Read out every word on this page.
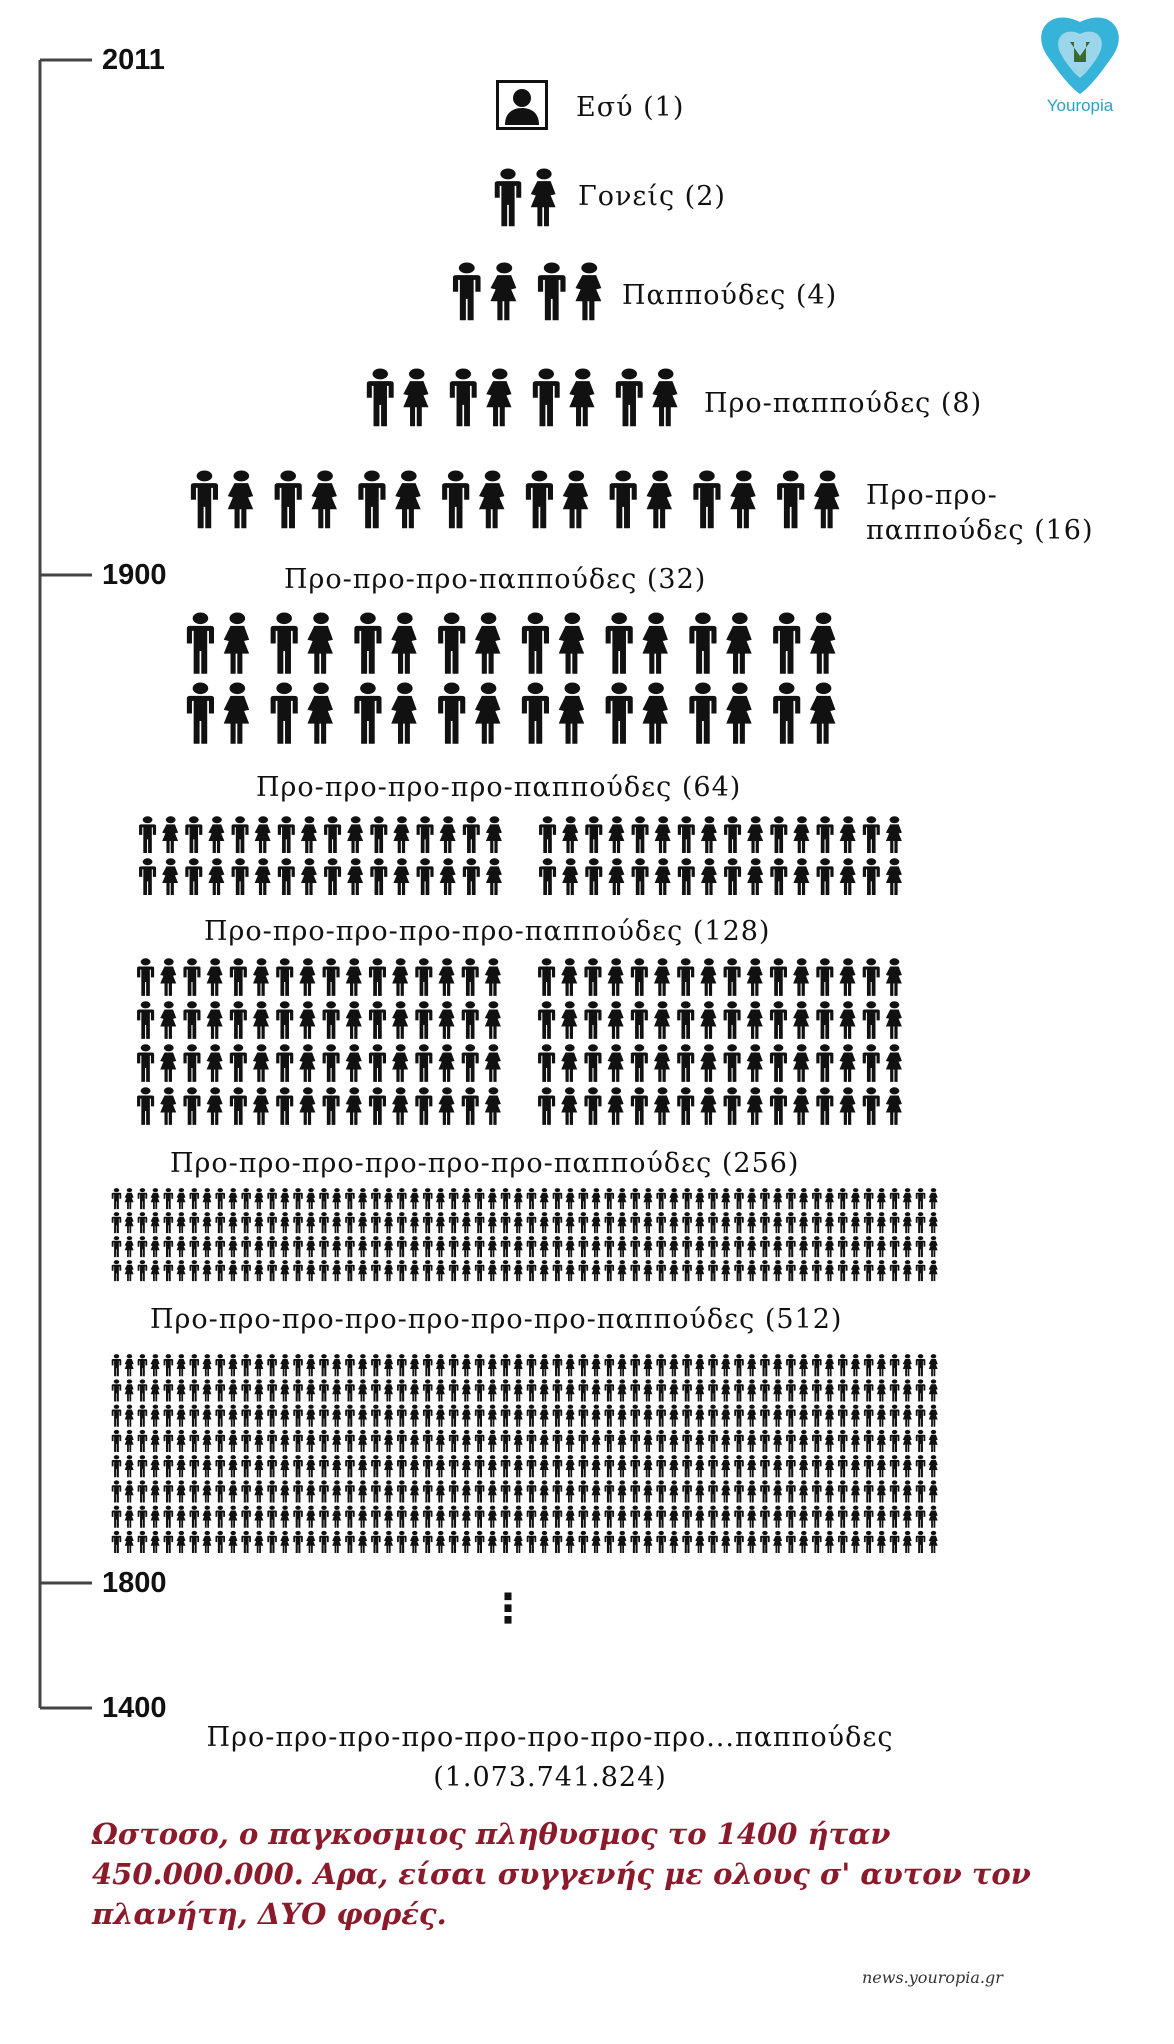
2011
1900
1800
1400
Youropia
Εσύ (1)
Γονείς (2)
Παππούδες (4)
Προ-παππούδες (8)
Προ-προ-παππούδες (16)
Προ-προ-προ-παππούδες (32)
Προ-προ-προ-προ-παππούδες (64)
Προ-προ-προ-προ-προ-παππούδες (128)
Προ-προ-προ-προ-προ-προ-παππούδες (256)
Προ-προ-προ-προ-προ-προ-προ-παππούδες (512)
⋮
Προ-προ-προ-προ-προ-προ-προ-προ...παππούδες
(1.073.741.824)

Ωστοσο, ο παγκοσμιος πληθυσμος το 1400 ήταν 450.000.000. Αρα, είσαι συγγενής με ολους σ' αυτον τον πλανήτη, ΔΥΟ φορές.

news.youropia.gr
